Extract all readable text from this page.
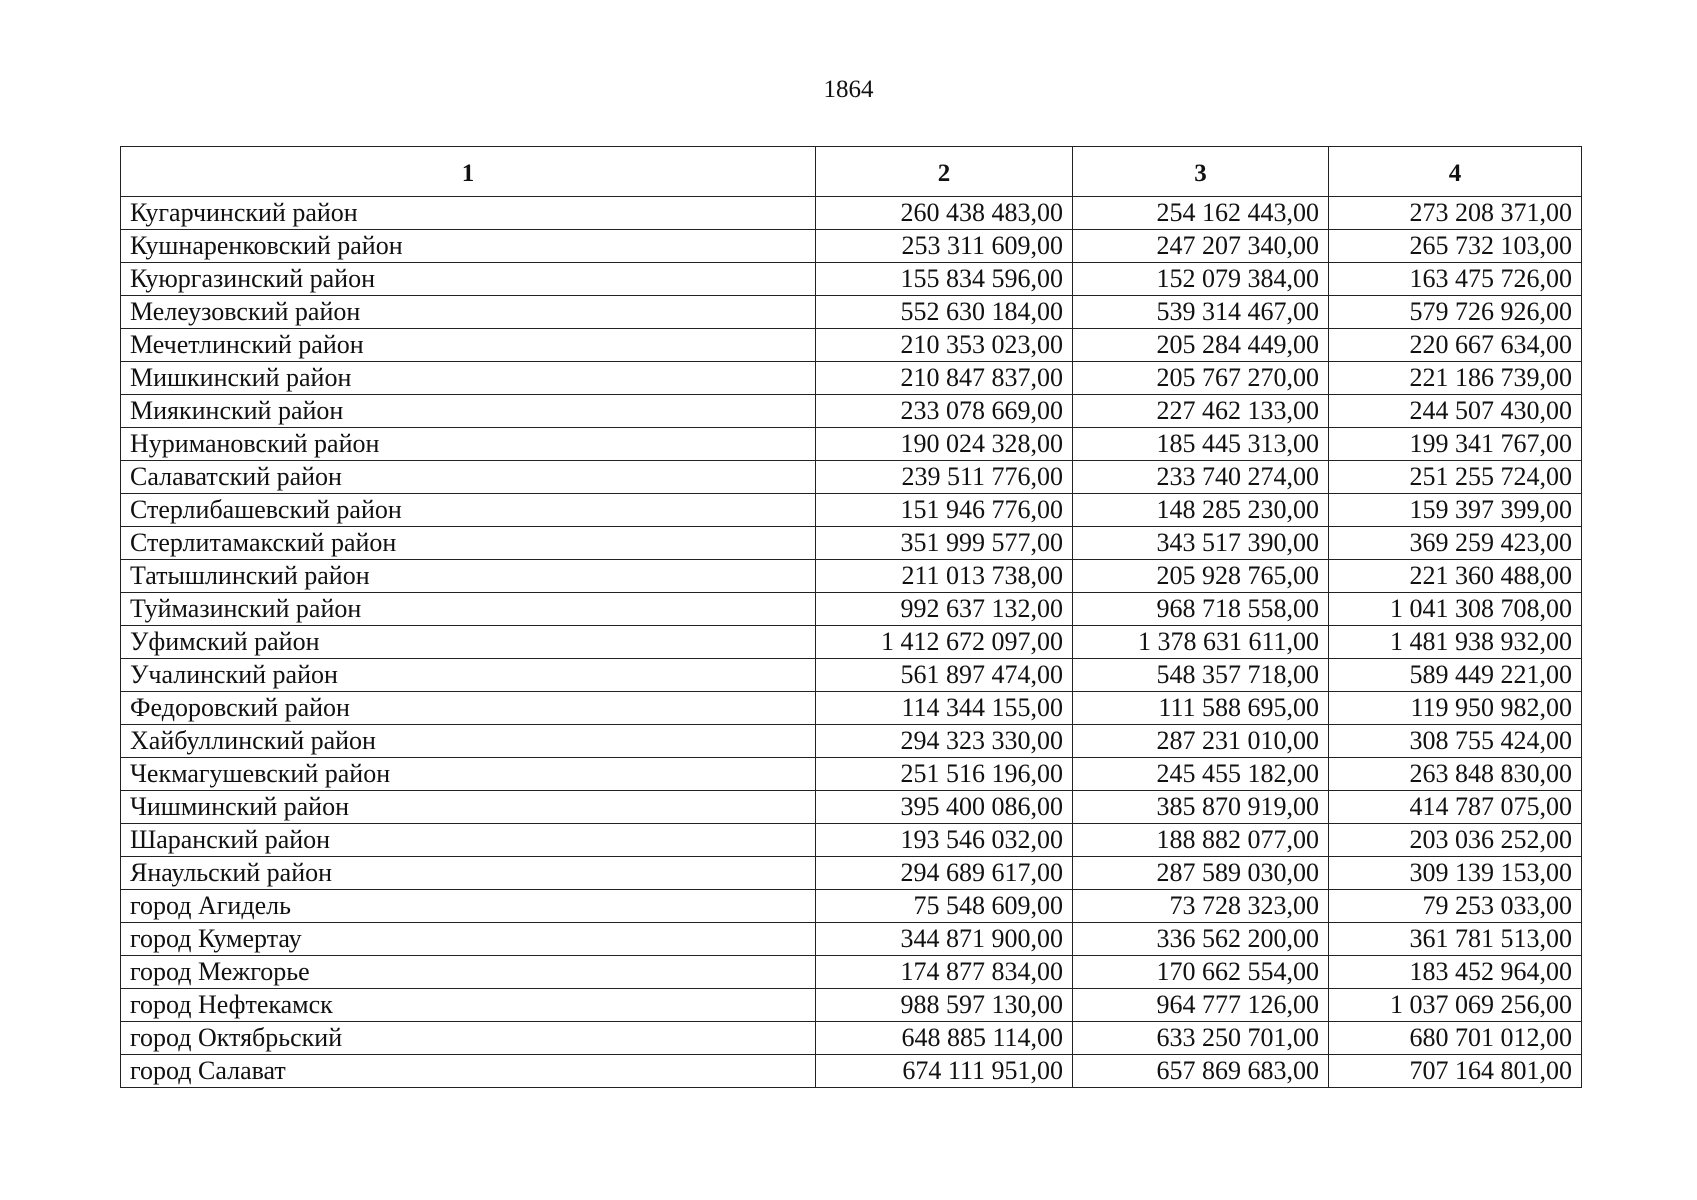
1864
1	2	3	4
Кугарчинский район	260 438 483,00	254 162 443,00	273 208 371,00
Кушнаренковский район	253 311 609,00	247 207 340,00	265 732 103,00
Куюргазинский район	155 834 596,00	152 079 384,00	163 475 726,00
Мелеузовский район	552 630 184,00	539 314 467,00	579 726 926,00
Мечетлинский район	210 353 023,00	205 284 449,00	220 667 634,00
Мишкинский район	210 847 837,00	205 767 270,00	221 186 739,00
Миякинский район	233 078 669,00	227 462 133,00	244 507 430,00
Нуримановский район	190 024 328,00	185 445 313,00	199 341 767,00
Салаватский район	239 511 776,00	233 740 274,00	251 255 724,00
Стерлибашевский район	151 946 776,00	148 285 230,00	159 397 399,00
Стерлитамакский район	351 999 577,00	343 517 390,00	369 259 423,00
Татышлинский район	211 013 738,00	205 928 765,00	221 360 488,00
Туймазинский район	992 637 132,00	968 718 558,00	1 041 308 708,00
Уфимский район	1 412 672 097,00	1 378 631 611,00	1 481 938 932,00
Учалинский район	561 897 474,00	548 357 718,00	589 449 221,00
Федоровский район	114 344 155,00	111 588 695,00	119 950 982,00
Хайбуллинский район	294 323 330,00	287 231 010,00	308 755 424,00
Чекмагушевский район	251 516 196,00	245 455 182,00	263 848 830,00
Чишминский район	395 400 086,00	385 870 919,00	414 787 075,00
Шаранский район	193 546 032,00	188 882 077,00	203 036 252,00
Янаульский район	294 689 617,00	287 589 030,00	309 139 153,00
город Агидель	75 548 609,00	73 728 323,00	79 253 033,00
город Кумертау	344 871 900,00	336 562 200,00	361 781 513,00
город Межгорье	174 877 834,00	170 662 554,00	183 452 964,00
город Нефтекамск	988 597 130,00	964 777 126,00	1 037 069 256,00
город Октябрьский	648 885 114,00	633 250 701,00	680 701 012,00
город Салават	674 111 951,00	657 869 683,00	707 164 801,00
